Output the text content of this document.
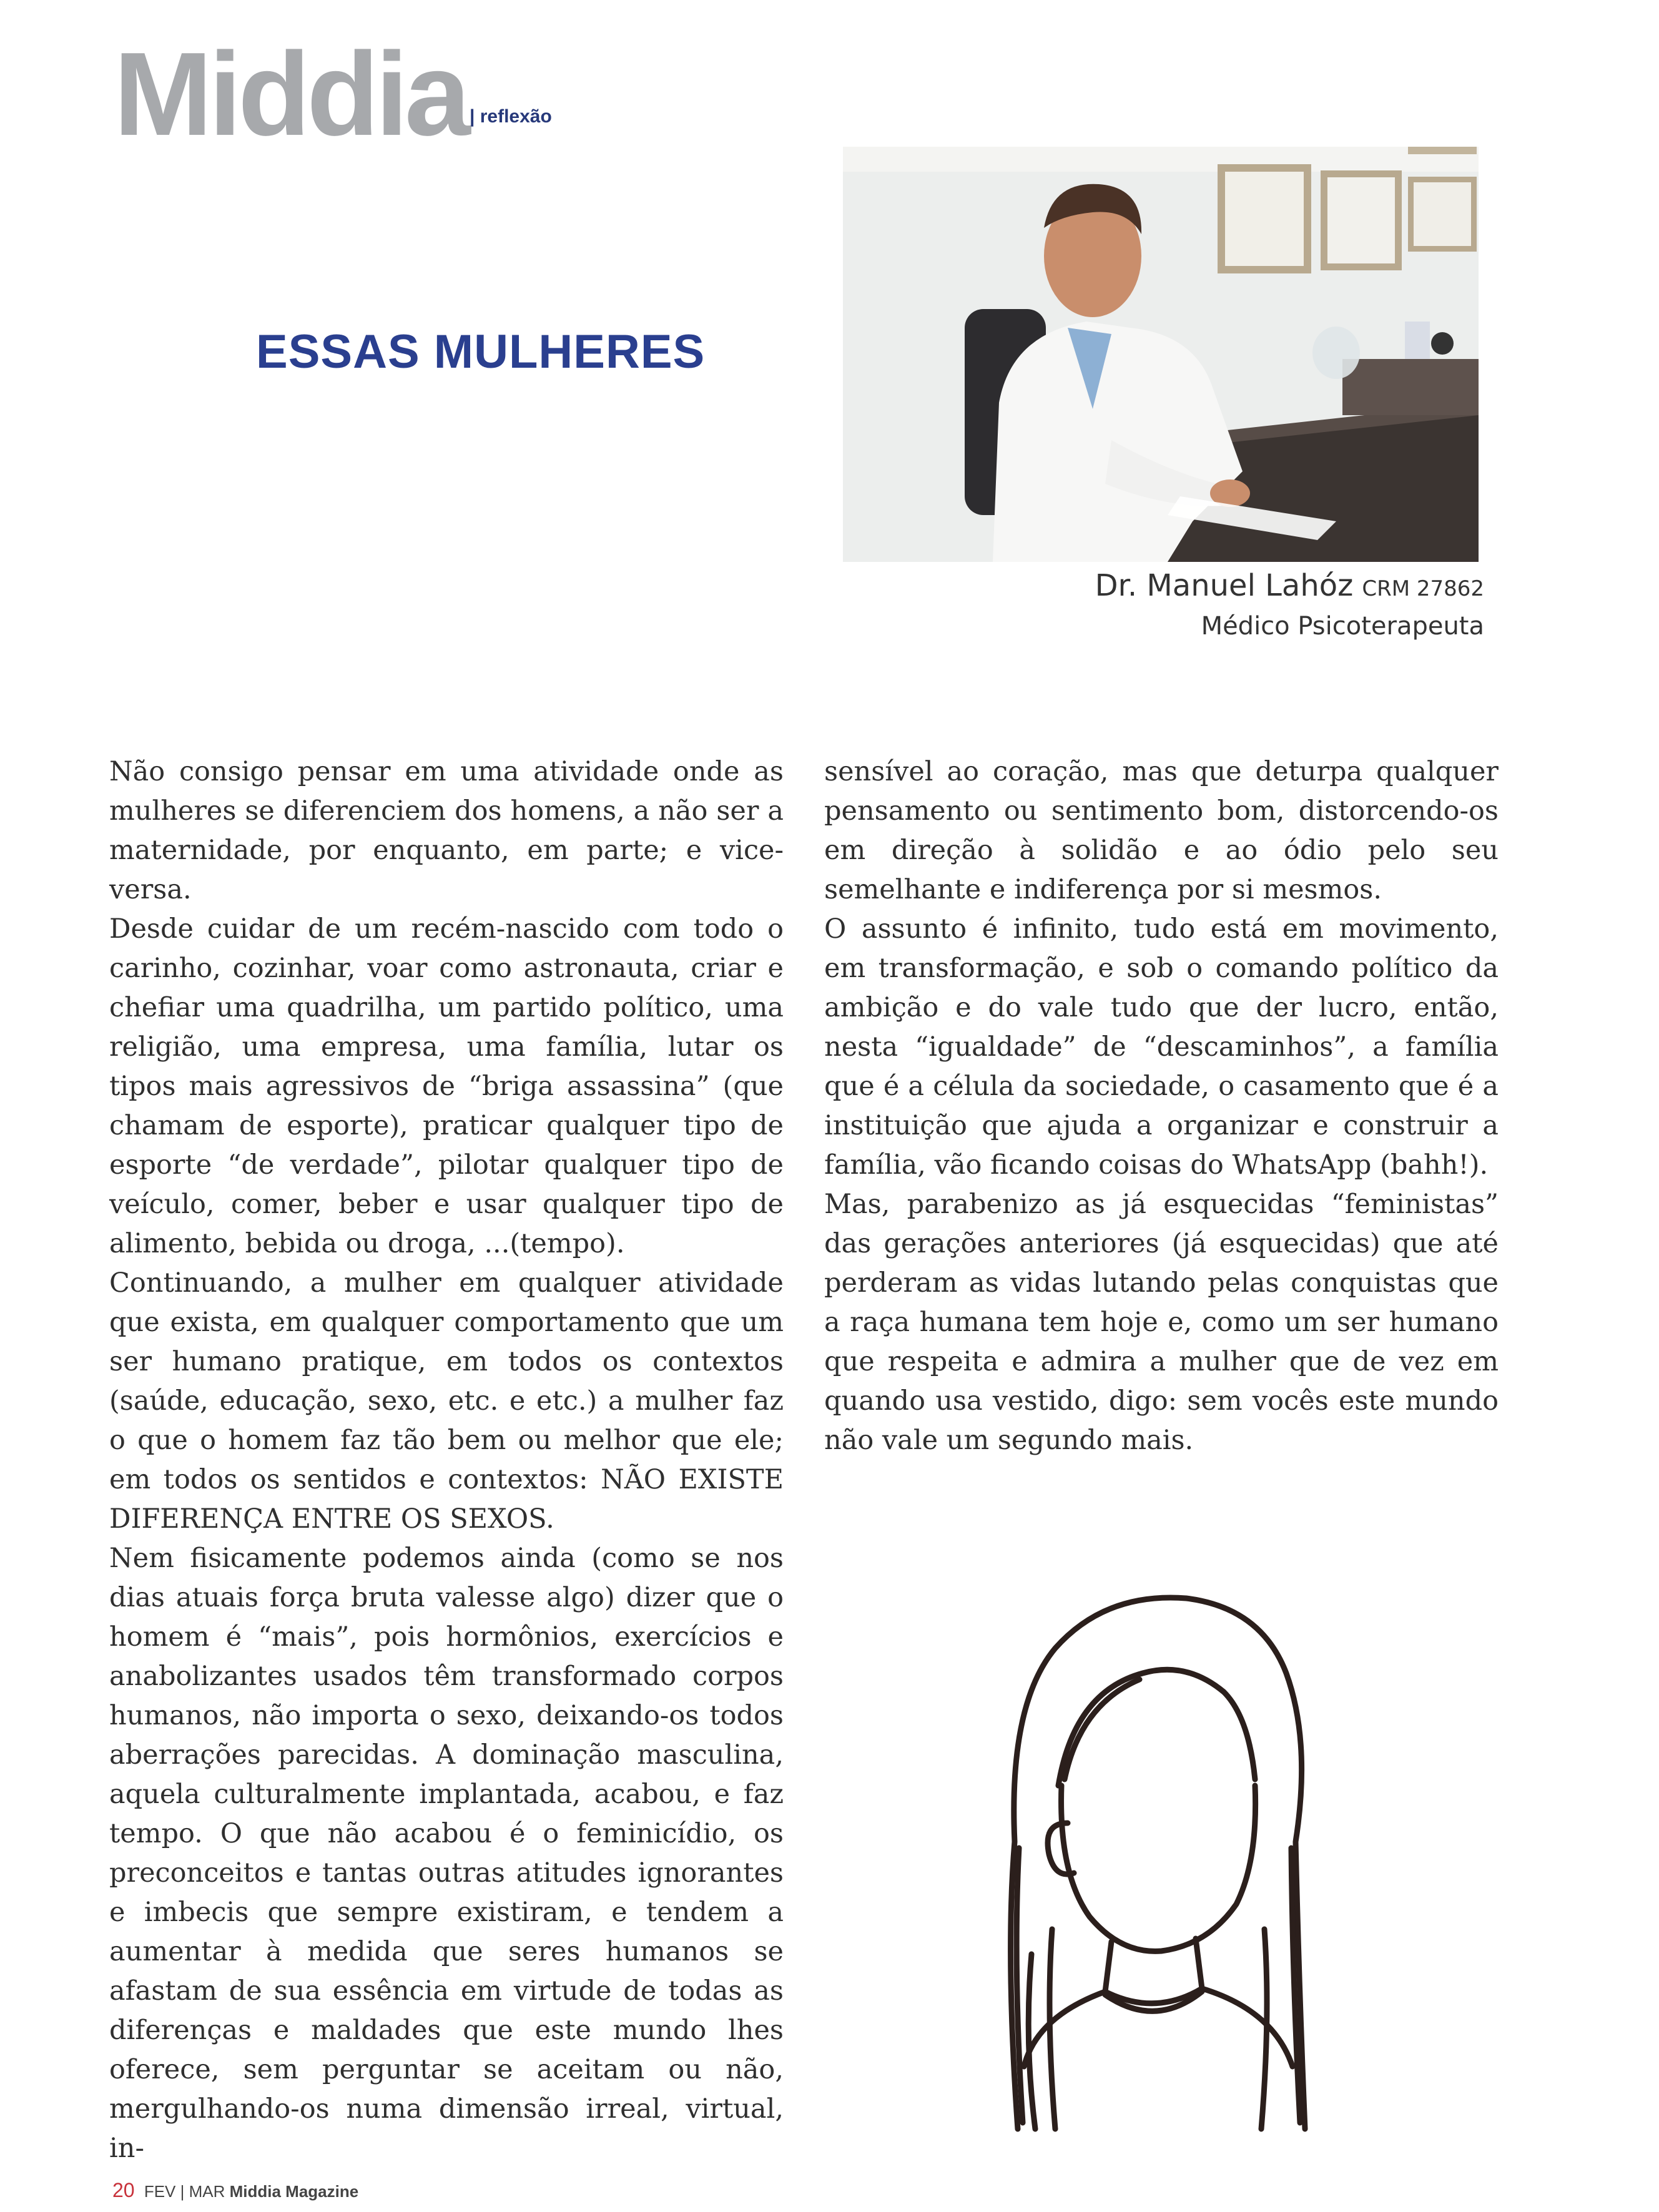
Middia | reflexão
ESSAS MULHERES
Dr. Manuel Lahóz CRM 27862
Médico Psicoterapeuta

Não consigo pensar em uma atividade onde as mulheres se diferenciem dos homens, a não ser a maternidade, por enquanto, em parte; e vice-versa.

Desde cuidar de um recém-nascido com todo o carinho, cozinhar, voar como astronauta, criar e chefiar uma quadrilha, um partido político, uma religião, uma empresa, uma família, lutar os tipos mais agressivos de “briga assassina” (que chamam de esporte), praticar qualquer tipo de esporte “de verdade”, pilotar qualquer tipo de veículo, comer, beber e usar qualquer tipo de alimento, bebida ou droga, ...(tempo).

Continuando, a mulher em qualquer atividade que exista, em qualquer comportamento que um ser humano pratique, em todos os contextos (saúde, educação, sexo, etc. e etc.) a mulher faz o que o homem faz tão bem ou melhor que ele; em todos os sentidos e contextos: NÃO EXISTE DIFERENÇA ENTRE OS SEXOS.

Nem fisicamente podemos ainda (como se nos dias atuais força bruta valesse algo) dizer que o homem é “mais”, pois hormônios, exercícios e anabolizantes usados têm transformado corpos humanos, não importa o sexo, deixando-os todos aberrações parecidas. A dominação masculina, aquela culturalmente implantada, acabou, e faz tempo. O que não acabou é o feminicídio, os preconceitos e tantas outras atitudes ignorantes e imbecis que sempre existiram, e tendem a aumentar à medida que seres humanos se afastam de sua essência em virtude de todas as diferenças e maldades que este mundo lhes oferece, sem perguntar se aceitam ou não, mergulhando-os numa dimensão irreal, virtual, in-

sensível ao coração, mas que deturpa qualquer pensamento ou sentimento bom, distorcendo-os em direção à solidão e ao ódio pelo seu semelhante e indiferença por si mesmos.

O assunto é infinito, tudo está em movimento, em transformação, e sob o comando político da ambição e do vale tudo que der lucro, então, nesta “igualdade” de “descaminhos”, a família que é a célula da sociedade, o casamento que é a instituição que ajuda a organizar e construir a família, vão ficando coisas do WhatsApp (bahh!).

Mas, parabenizo as já esquecidas “feministas” das gerações anteriores (já esquecidas) que até perderam as vidas lutando pelas conquistas que a raça humana tem hoje e, como um ser humano que respeita e admira a mulher que de vez em quando usa vestido, digo: sem vocês este mundo não vale um segundo mais.

20 FEV | MAR Middia Magazine
